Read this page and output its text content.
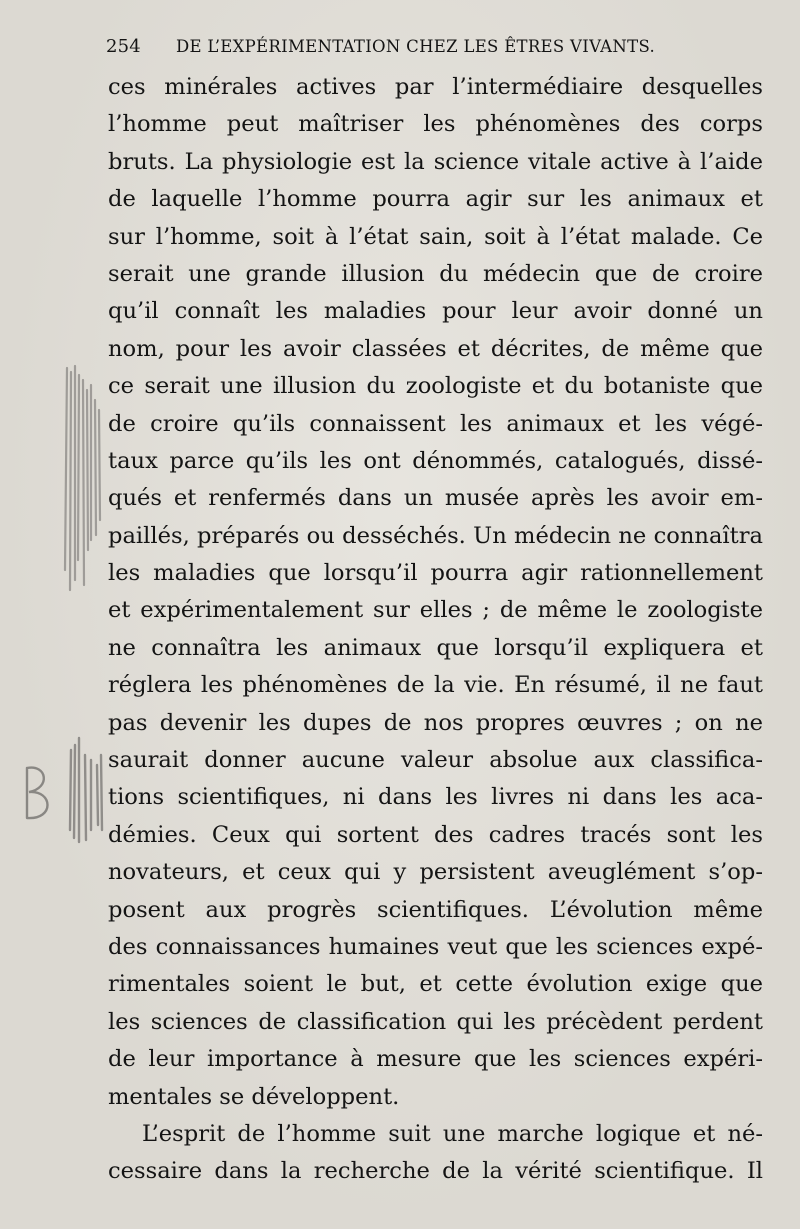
254 DE L’EXPÉRIMENTATION CHEZ LES ÊTRES VIVANTS.
ces minérales actives par l’intermédiaire desquelles
l’homme peut maîtriser les phénomènes des corps
bruts. La physiologie est la science vitale active à l’aide
de laquelle l’homme pourra agir sur les animaux et
sur l’homme, soit à l’état sain, soit à l’état malade. Ce
serait une grande illusion du médecin que de croire
qu’il connaît les maladies pour leur avoir donné un
nom, pour les avoir classées et décrites, de même que
ce serait une illusion du zoologiste et du botaniste que
de croire qu’ils connaissent les animaux et les végé-
taux parce qu’ils les ont dénommés, catalogués, dissé-
qués et renfermés dans un musée après les avoir em-
paillés, préparés ou desséchés. Un médecin ne connaîtra
les maladies que lorsqu’il pourra agir rationnellement
et expérimentalement sur elles ; de même le zoologiste
ne connaîtra les animaux que lorsqu’il expliquera et
réglera les phénomènes de la vie. En résumé, il ne faut
pas devenir les dupes de nos propres œuvres ; on ne
saurait donner aucune valeur absolue aux classifica-
tions scientifiques, ni dans les livres ni dans les aca-
démies. Ceux qui sortent des cadres tracés sont les
novateurs, et ceux qui y persistent aveuglément s’op-
posent aux progrès scientifiques. L’évolution même
des connaissances humaines veut que les sciences expé-
rimentales soient le but, et cette évolution exige que
les sciences de classification qui les précèdent perdent
de leur importance à mesure que les sciences expéri-
mentales se développent.
L’esprit de l’homme suit une marche logique et né-
cessaire dans la recherche de la vérité scientifique. Il
